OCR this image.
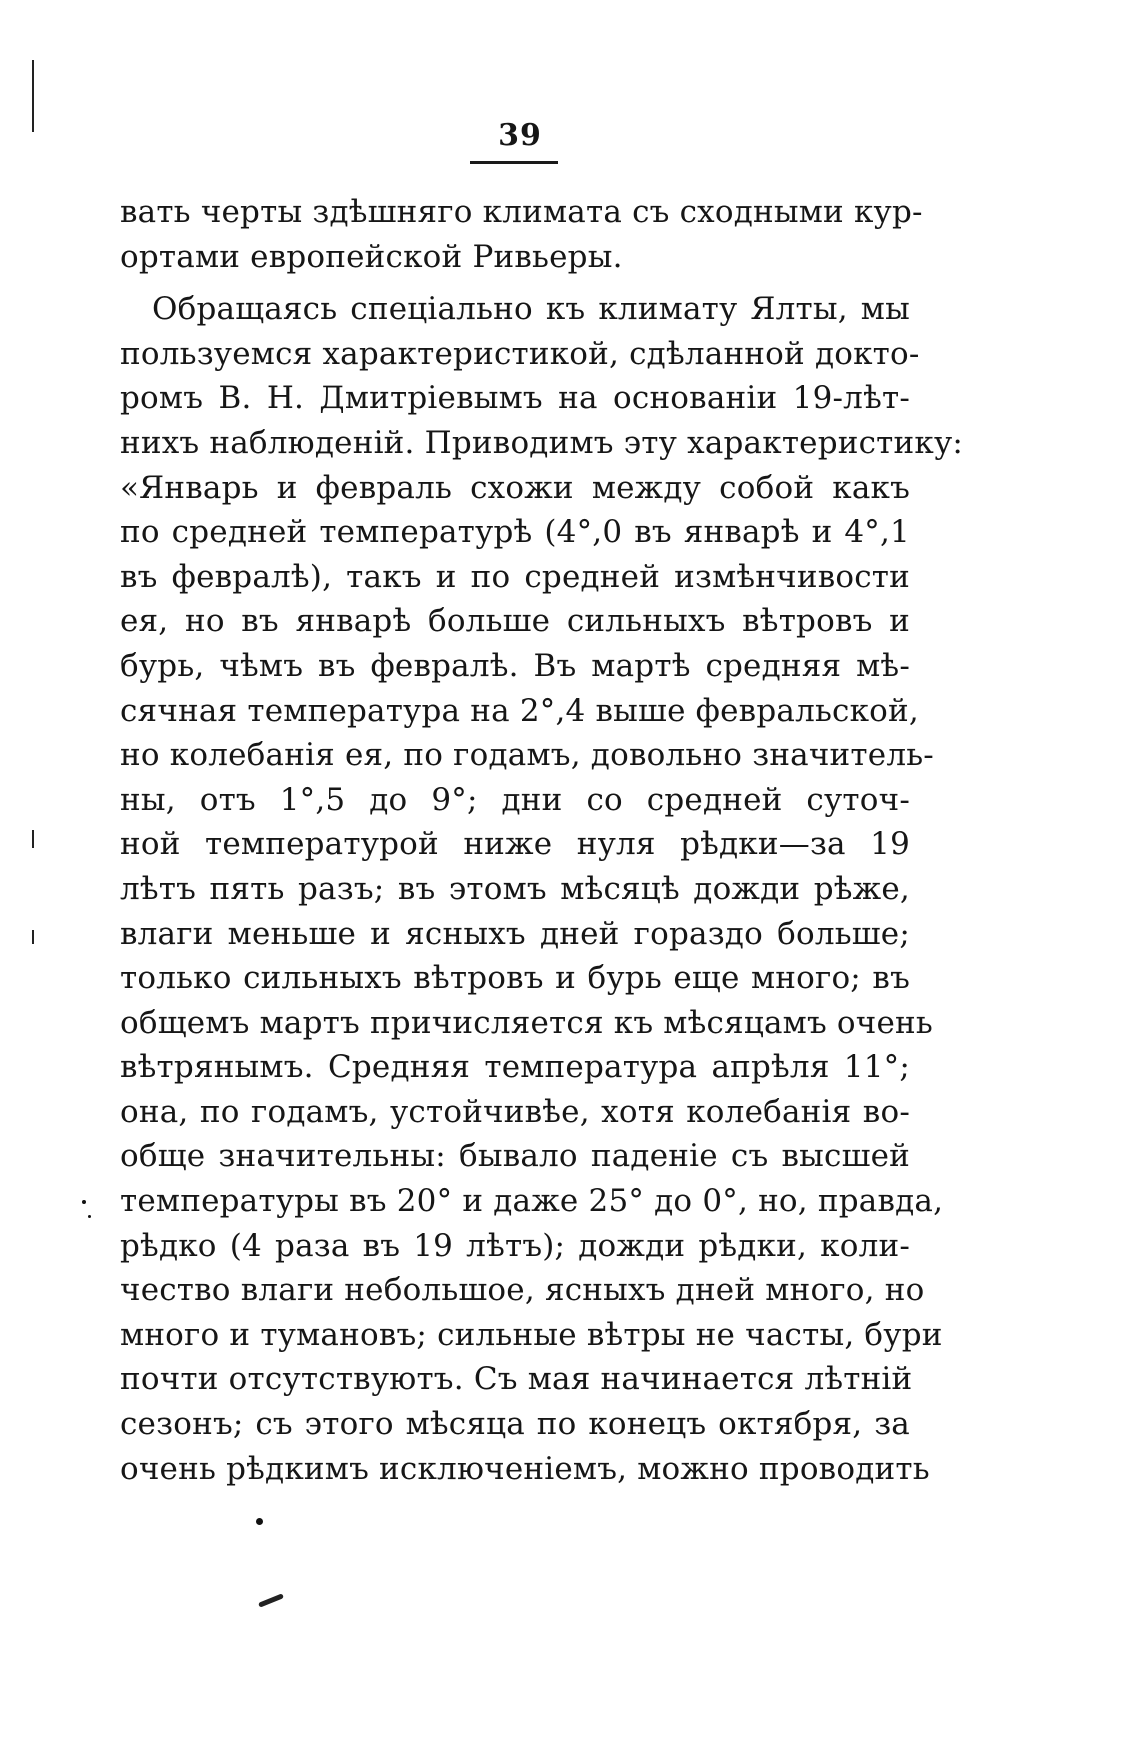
39
вать черты здѣшняго климата съ сходными кур-
ортами европейской Ривьеры.
Обращаясь спеціально къ климату Ялты, мы
пользуемся характеристикой, сдѣланной докто-
ромъ В. Н. Дмитріевымъ на основаніи 19-лѣт-
нихъ наблюденій. Приводимъ эту характеристику:
«Январь и февраль схожи между собой какъ
по средней температурѣ (4°,0 въ январѣ и 4°,1
въ февралѣ), такъ и по средней измѣнчивости
ея, но въ январѣ больше сильныхъ вѣтровъ и
бурь, чѣмъ въ февралѣ. Въ мартѣ средняя мѣ-
сячная температура на 2°,4 выше февральской,
но колебанія ея, по годамъ, довольно значитель-
ны, отъ 1°,5 до 9°; дни со средней суточ-
ной температурой ниже нуля рѣдки—за 19
лѣтъ пять разъ; въ этомъ мѣсяцѣ дожди рѣже,
влаги меньше и ясныхъ дней гораздо больше;
только сильныхъ вѣтровъ и бурь еще много; въ
общемъ мартъ причисляется къ мѣсяцамъ очень
вѣтрянымъ. Средняя температура апрѣля 11°;
она, по годамъ, устойчивѣе, хотя колебанія во-
обще значительны: бывало паденіе съ высшей
температуры въ 20° и даже 25° до 0°, но, правда,
рѣдко (4 раза въ 19 лѣтъ); дожди рѣдки, коли-
чество влаги небольшое, ясныхъ дней много, но
много и тумановъ; сильные вѣтры не часты, бури
почти отсутствуютъ. Съ мая начинается лѣтній
сезонъ; съ этого мѣсяца по конецъ октября, за
очень рѣдкимъ исключеніемъ, можно проводить
